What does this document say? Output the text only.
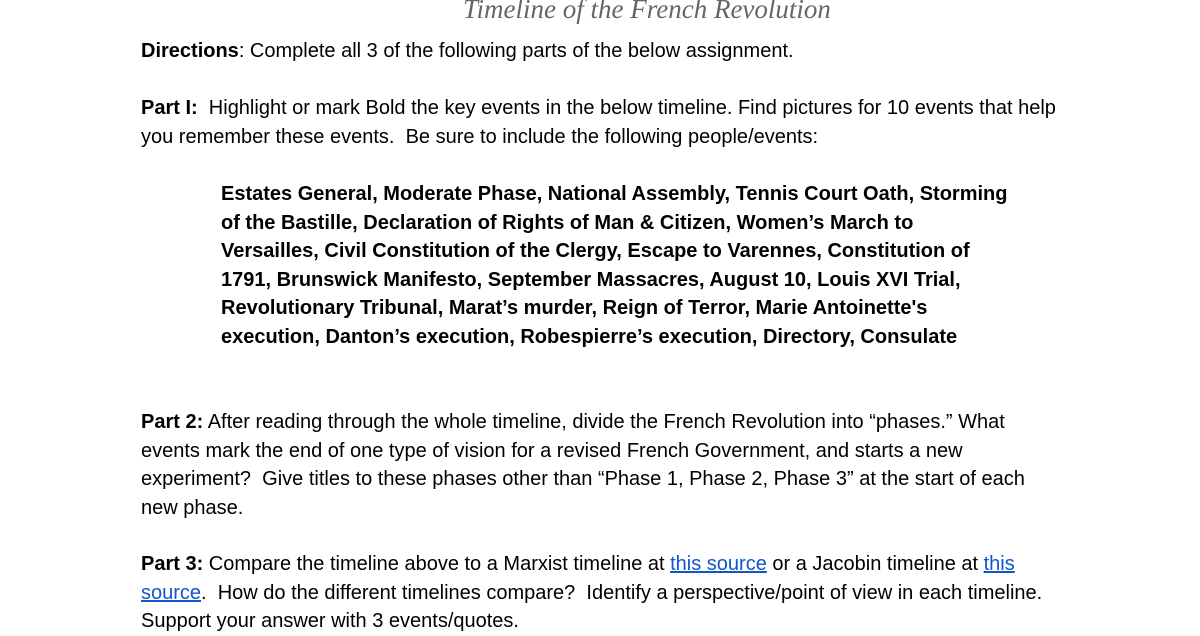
Timeline of the French Revolution
Directions: Complete all 3 of the following parts of the below assignment.
Part I:  Highlight or mark Bold the key events in the below timeline. Find pictures for 10 events that help you remember these events.  Be sure to include the following people/events:
Estates General, Moderate Phase, National Assembly, Tennis Court Oath, Storming of the Bastille, Declaration of Rights of Man & Citizen, Women’s March to Versailles, Civil Constitution of the Clergy, Escape to Varennes, Constitution of 1791, Brunswick Manifesto, September Massacres, August 10, Louis XVI Trial, Revolutionary Tribunal, Marat’s murder, Reign of Terror, Marie Antoinette's execution, Danton’s execution, Robespierre’s execution, Directory, Consulate
Part 2: After reading through the whole timeline, divide the French Revolution into “phases.” What events mark the end of one type of vision for a revised French Government, and starts a new experiment?  Give titles to these phases other than “Phase 1, Phase 2, Phase 3” at the start of each new phase.
Part 3: Compare the timeline above to a Marxist timeline at this source or a Jacobin timeline at this source.  How do the different timelines compare?  Identify a perspective/point of view in each timeline.  Support your answer with 3 events/quotes.
